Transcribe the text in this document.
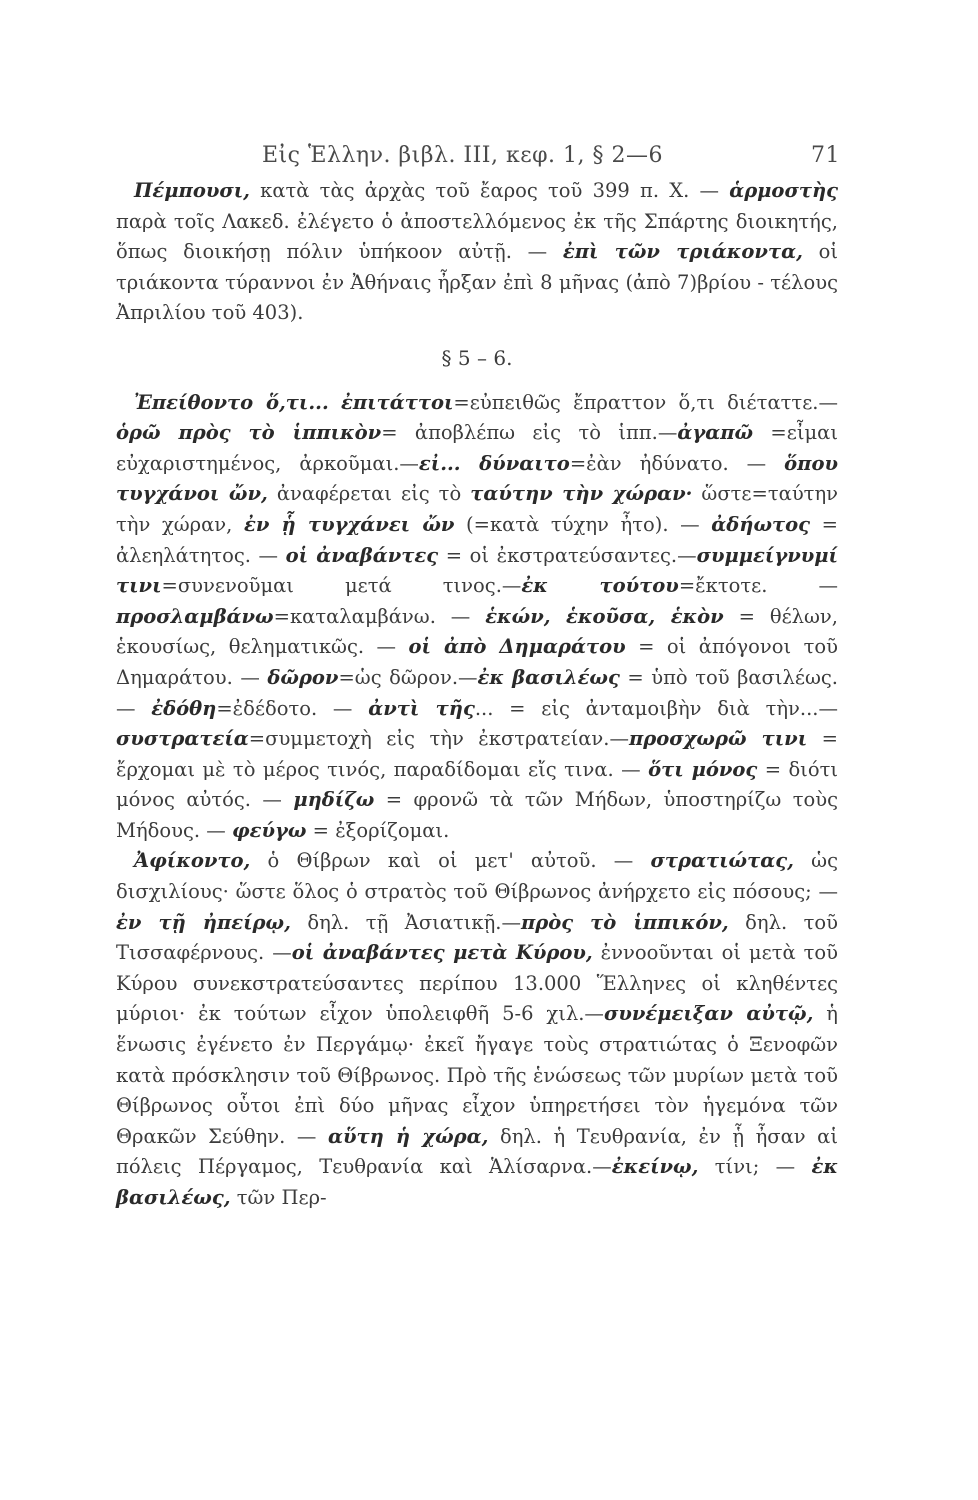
Εἰς Ἑλλην. βιβλ. III, κεφ. 1, § 2—6	71

Πέμπουσι, κατὰ τὰς ἀρχὰς τοῦ ἔαρος τοῦ 399 π. Χ. — ἁρμοστὴς παρὰ τοῖς Λακεδ. ἐλέγετο ὁ ἀποστελλόμενος ἐκ τῆς Σπάρτης διοικητής, ὅπως διοικήσῃ πόλιν ὑπήκοον αὐτῇ. — ἐπὶ τῶν τριάκοντα, οἱ τριάκοντα τύραννοι ἐν Ἀθήναις ἦρξαν ἐπὶ 8 μῆνας (ἀπὸ 7)βρίου - τέλους Ἀπριλίου τοῦ 403).

§ 5 – 6.

Ἐπείθοντο ὅ,τι... ἐπιτάττοι=εὐπειθῶς ἔπραττον ὅ,τι διέταττε.—ὁρῶ πρὸς τὸ ἱππικὸν= ἀποβλέπω εἰς τὸ ἱππ.—ἀγαπῶ =εἶμαι εὐχαριστημένος, ἀρκοῦμαι.—εἰ... δύναιτο=ἐὰν ἠδύνατο. — ὅπου τυγχάνοι ὤν, ἀναφέρεται εἰς τὸ ταύτην τὴν χώραν· ὥστε=ταύτην τὴν χώραν, ἐν ᾗ τυγχάνει ὤν (=κατὰ τύχην ἦτο). — ἀδήωτος = ἀλεηλάτητος. — οἱ ἀναβάντες = οἱ ἐκστρατεύσαντες.—συμμείγνυμί τινι=συνενοῦμαι μετά τινος.—ἐκ τούτου=ἔκτοτε. —προσλαμβάνω=καταλαμβάνω. — ἑκών, ἑκοῦσα, ἑκὸν = θέλων, ἑκουσίως, θεληματικῶς. — οἱ ἀπὸ Δημαράτου = οἱ ἀπόγονοι τοῦ Δημαράτου. — δῶρον=ὡς δῶρον.—ἐκ βασιλέως = ὑπὸ τοῦ βασιλέως. — ἐδόθη=ἐδέδοτο. — ἀντὶ τῆς... = εἰς ἀνταμοιβὴν διὰ τὴν...—συστρατεία=συμμετοχὴ εἰς τὴν ἐκστρατείαν.—προσχωρῶ τινι = ἔρχομαι μὲ τὸ μέρος τινός, παραδίδομαι εἴς τινα. — ὅτι μόνος = διότι μόνος αὐτός. — μηδίζω = φρονῶ τὰ τῶν Μήδων, ὑποστηρίζω τοὺς Μήδους. — φεύγω = ἐξορίζομαι.

Ἀφίκοντο, ὁ Θίβρων καὶ οἱ μετ' αὐτοῦ. — στρατιώτας, ὡς δισχιλίους· ὥστε ὅλος ὁ στρατὸς τοῦ Θίβρωνος ἀνήρχετο εἰς πόσους; —ἐν τῇ ἠπείρῳ, δηλ. τῇ Ἀσιατικῇ.—πρὸς τὸ ἱππικόν, δηλ. τοῦ Τισσαφέρνους. —οἱ ἀναβάντες μετὰ Κύρου, ἐννοοῦνται οἱ μετὰ τοῦ Κύρου συνεκστρατεύσαντες περίπου 13.000 Ἕλληνες οἱ κληθέντες μύριοι· ἐκ τούτων εἶχον ὑπολειφθῆ 5-6 χιλ.—συνέμειξαν αὐτῷ, ἡ ἕνωσις ἐγένετο ἐν Περγάμῳ· ἐκεῖ ἤγαγε τοὺς στρατιώτας ὁ Ξενοφῶν κατὰ πρόσκλησιν τοῦ Θίβρωνος. Πρὸ τῆς ἑνώσεως τῶν μυρίων μετὰ τοῦ Θίβρωνος οὗτοι ἐπὶ δύο μῆνας εἶχον ὑπηρετήσει τὸν ἡγεμόνα τῶν Θρακῶν Σεύθην. — αὕτη ἡ χώρα, δηλ. ἡ Τευθρανία, ἐν ᾗ ἦσαν αἱ πόλεις Πέργαμος, Τευθρανία καὶ Ἁλίσαρνα.—ἐκείνῳ, τίνι; — ἐκ βασιλέως, τῶν Περ-
